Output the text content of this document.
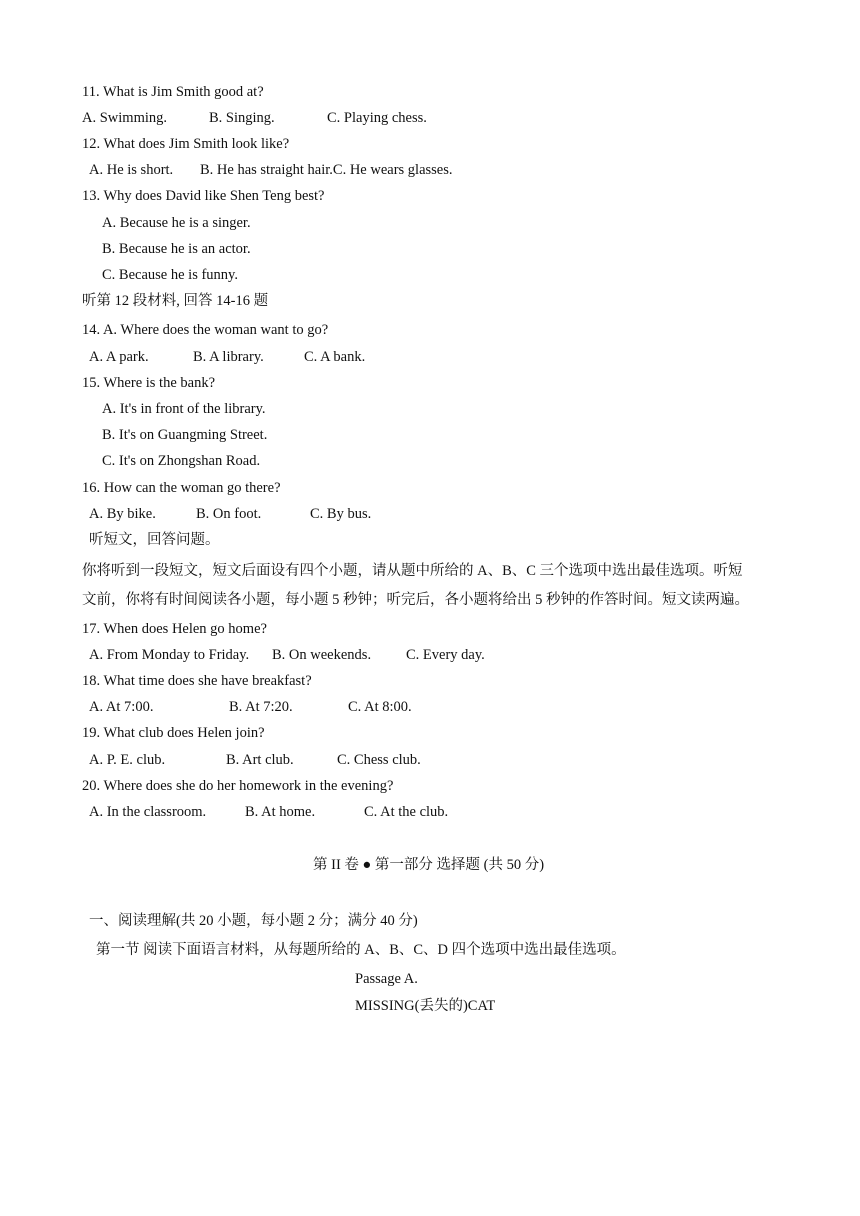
11. What is Jim Smith good at?
A. Swimming.	B. Singing.	C. Playing chess.
12. What does Jim Smith look like?
A. He is short. B. He has straight hair.C. He wears glasses.
13. Why does David like Shen Teng best?
A. Because he is a singer.
B. Because he is an actor.
C. Because he is funny.
听第 12 段材料, 回答 14-16 题
14. A. Where does the woman want to go?
A. A park.	B. A library.	C. A bank.
15. Where is the bank?
A. It's in front of the library.
B. It's on Guangming Street.
C. It's on Zhongshan Road.
16. How can the woman go there?
A. By bike.	B. On foot.	C. By bus.
听短文，回答问题。
你将听到一段短文，短文后面设有四个小题，请从题中所给的 A、B、C 三个选项中选出最佳选项。听短
文前，你将有时间阅读各小题，每小题 5 秒钟；听完后，各小题将给出 5 秒钟的作答时间。短文读两遍。
17. When does Helen go home?
A. From Monday to Friday. B. On weekends. C. Every day.
18. What time does she have breakfast?
A. At 7:00.	B. At 7:20.	C. At 8:00.
19. What club does Helen join?
A. P. E. club.	B. Art club.	C. Chess club.
20. Where does she do her homework in the evening?
A. In the classroom.	B. At home.	C. At the club.
第 II 卷 ● 第一部分 选择题 (共 50 分)
一、阅读理解(共 20 小题，每小题 2 分；满分 40 分)
第一节 阅读下面语言材料，从每题所给的 A、B、C、D 四个选项中选出最佳选项。
Passage A.
MISSING(丢失的)CAT
